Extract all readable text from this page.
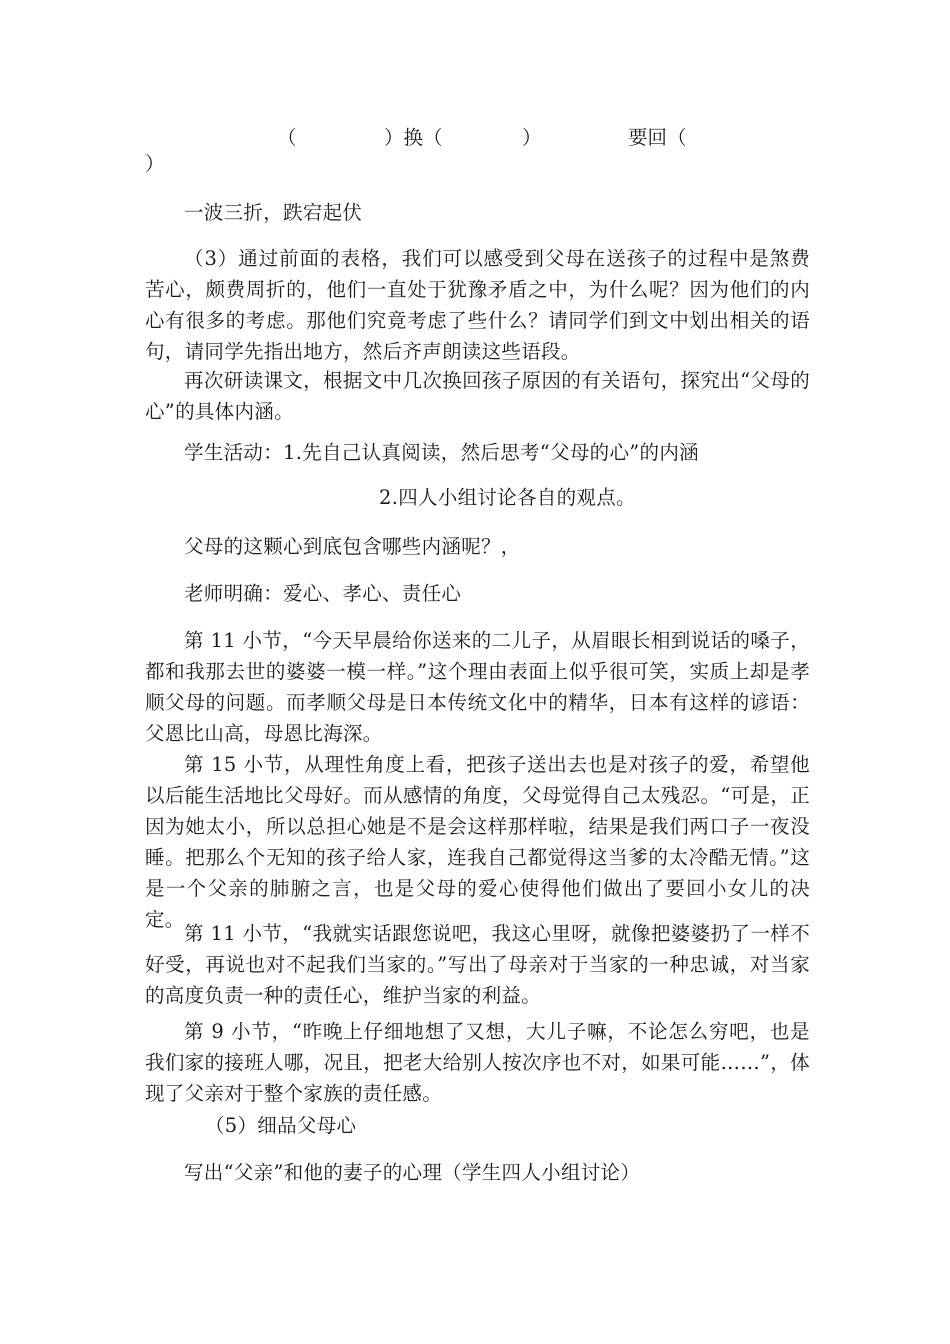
（	）换（	）	要回（
）
一波三折，跌宕起伏
（3）通过前面的表格，我们可以感受到父母在送孩子的过程中是煞费苦心，颇费周折的，他们一直处于犹豫矛盾之中，为什么呢？因为他们的内心有很多的考虑。那他们究竟考虑了些什么？请同学们到文中划出相关的语句，请同学先指出地方，然后齐声朗读这些语段。
再次研读课文，根据文中几次换回孩子原因的有关语句，探究出“父母的心”的具体内涵。
学生活动：1.先自己认真阅读，然后思考“父母的心”的内涵
2.四人小组讨论各自的观点。
父母的这颗心到底包含哪些内涵呢？，
老师明确：爱心、孝心、责任心
第 11 小节，“今天早晨给你送来的二儿子，从眉眼长相到说话的嗓子，都和我那去世的婆婆一模一样。”这个理由表面上似乎很可笑，实质上却是孝顺父母的问题。而孝顺父母是日本传统文化中的精华，日本有这样的谚语：父恩比山高，母恩比海深。
第 15 小节，从理性角度上看，把孩子送出去也是对孩子的爱，希望他以后能生活地比父母好。而从感情的角度，父母觉得自己太残忍。“可是，正因为她太小，所以总担心她是不是会这样那样啦，结果是我们两口子一夜没睡。把那么个无知的孩子给人家，连我自己都觉得这当爹的太冷酷无情。”这是一个父亲的肺腑之言，也是父母的爱心使得他们做出了要回小女儿的决定。
第 11 小节，“我就实话跟您说吧，我这心里呀，就像把婆婆扔了一样不好受，再说也对不起我们当家的。”写出了母亲对于当家的一种忠诚，对当家的高度负责一种的责任心，维护当家的利益。
第 9 小节，“昨晚上仔细地想了又想，大儿子嘛，不论怎么穷吧，也是我们家的接班人哪，况且，把老大给别人按次序也不对，如果可能……”，体现了父亲对于整个家族的责任感。
（5）细品父母心
写出“父亲”和他的妻子的心理（学生四人小组讨论）
